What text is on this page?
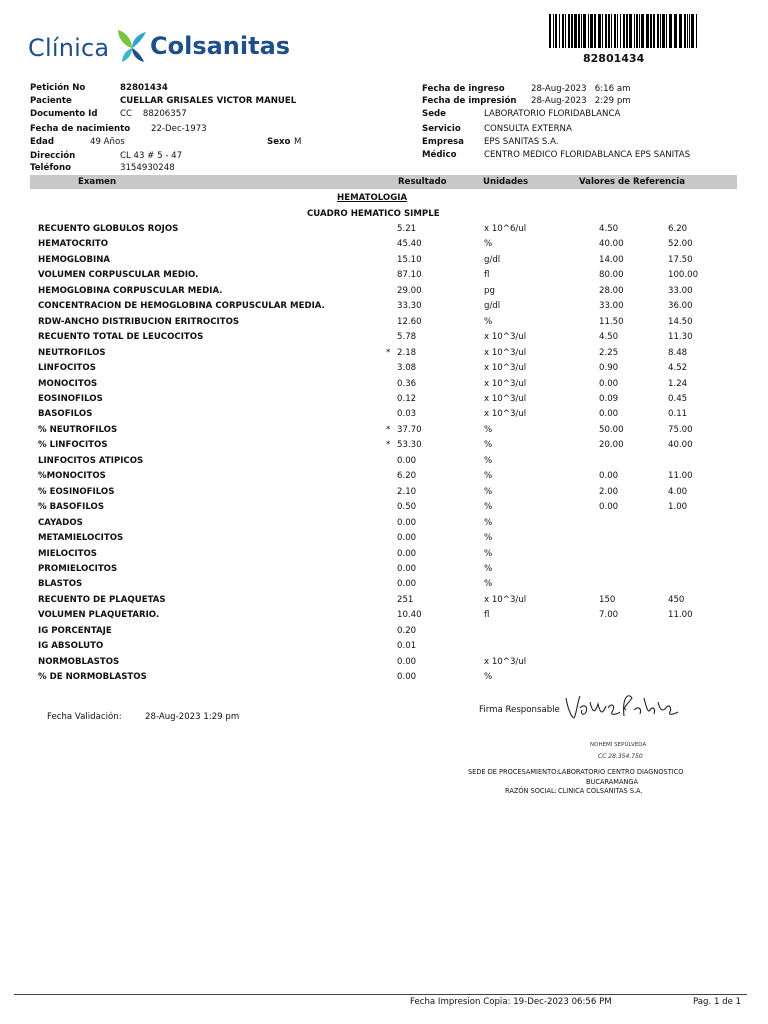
Clínica Colsanitas	82801434
Petición No	82801434
Paciente	CUELLAR GRISALES VICTOR MANUEL
Documento Id	CC    88206357
Fecha de nacimiento 22-Dec-1973
Edad	49 Años
Dirección	CL 43 # 5 - 47
Teléfono	3154930248
Sexo M
Fecha de ingreso	28-Aug-2023   6:16 am
Fecha de impresión 28-Aug-2023   2:29 pm
Sede	LABORATORIO FLORIDABLANCA
Servicio	CONSULTA EXTERNA
Empresa EPS SANITAS S.A.
Médico	CENTRO MEDICO FLORIDABLANCA EPS SANITAS
Examen	Resultado	Unidades	Valores de Referencia
HEMATOLOGIA
CUADRO HEMATICO SIMPLE
RECUENTO GLOBULOS ROJOS	5.21	x 10^6/ul	4.50	6.20
HEMATOCRITO	45.40	%	40.00	52.00
HEMOGLOBINA	15.10	g/dl	14.00	17.50
VOLUMEN CORPUSCULAR MEDIO.	87.10	fl	80.00	100.00
HEMOGLOBINA CORPUSCULAR MEDIA.	29.00	pg	28.00	33.00
CONCENTRACION DE HEMOGLOBINA CORPUSCULAR MEDIA.	33.30	g/dl	33.00	36.00
RDW-ANCHO DISTRIBUCION ERITROCITOS	12.60	%	11.50	14.50
RECUENTO TOTAL DE LEUCOCITOS	5.78	x 10^3/ul	4.50	11.30
NEUTROFILOS	* 2.18	x 10^3/ul	2.25	8.48
LINFOCITOS	3.08	x 10^3/ul	0.90	4.52
MONOCITOS	0.36	x 10^3/ul	0.00	1.24
EOSINOFILOS	0.12	x 10^3/ul	0.09	0.45
BASOFILOS	0.03	x 10^3/ul	0.00	0.11
% NEUTROFILOS	* 37.70	%	50.00	75.00
% LINFOCITOS	* 53.30	%	20.00	40.00
LINFOCITOS ATIPICOS	0.00	%
%MONOCITOS	6.20	%	0.00	11.00
% EOSINOFILOS	2.10	%	2.00	4.00
% BASOFILOS	0.50	%	0.00	1.00
CAYADOS	0.00	%
METAMIELOCITOS	0.00	%
MIELOCITOS	0.00	%
PROMIELOCITOS	0.00	%
BLASTOS	0.00	%
RECUENTO DE PLAQUETAS	251	x 10^3/ul	150	450
VOLUMEN PLAQUETARIO.	10.40	fl	7.00	11.00
IG PORCENTAJE	0.20
IG ABSOLUTO	0.01
NORMOBLASTOS	0.00	x 10^3/ul
% DE NORMOBLASTOS	0.00	%
Fecha Validación:	28-Aug-2023 1:29 pm
Firma Responsable
NOHEMÍ SEPÚLVEDA
CC 28.354.750
SEDE DE PROCESAMIENTO: LABORATORIO CENTRO DIAGNOSTICO
BUCARAMANGA
RAZÓN SOCIAL: CLINICA COLSANITAS S.A.
Fecha Impresion Copia: 19-Dec-2023 06:56 PM	Pag. 1 de 1
